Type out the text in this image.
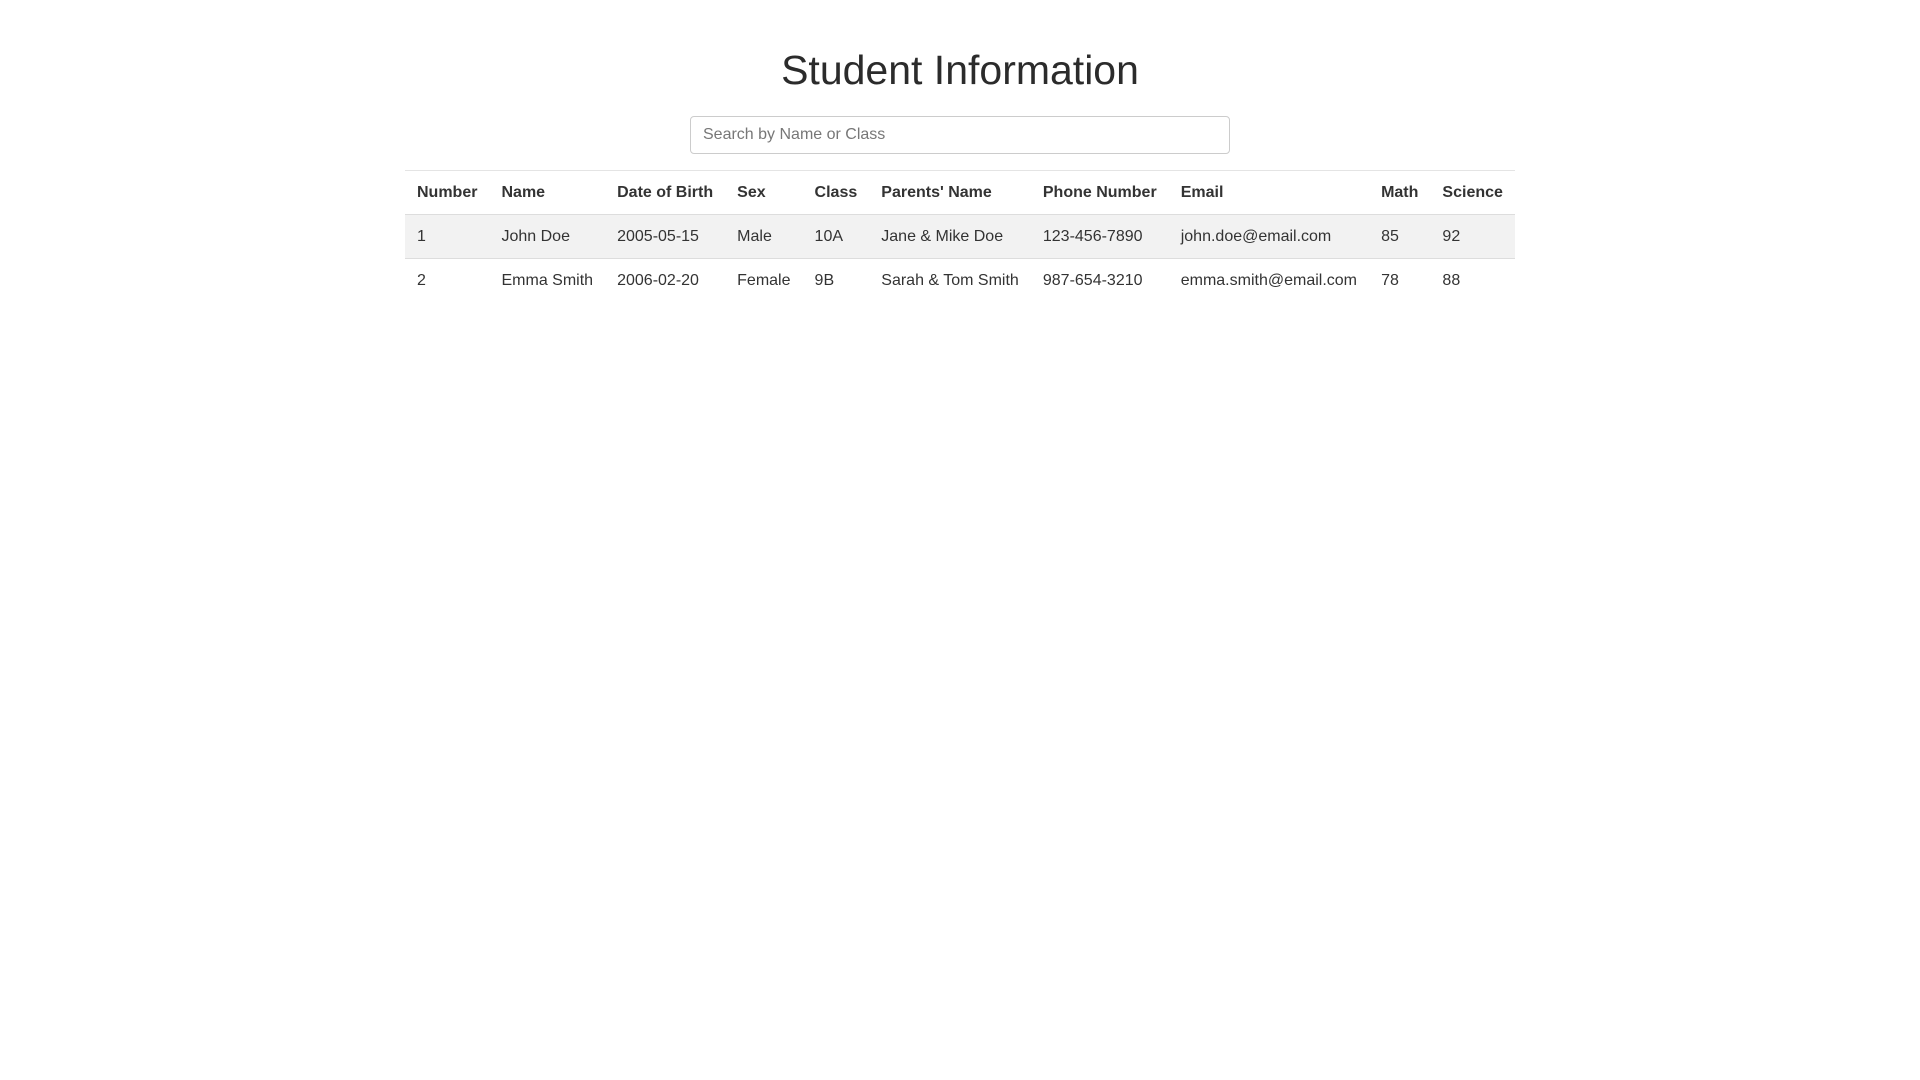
Student Information
Search by Name or Class
Number	Name	Date of Birth	Sex	Class	Parents' Name	Phone Number	Email	Math	Science
1	John Doe	2005-05-15	Male	10A	Jane & Mike Doe	123-456-7890	john.doe@email.com	85	92
2	Emma Smith	2006-02-20	Female	9B	Sarah & Tom Smith	987-654-3210	emma.smith@email.com	78	88
